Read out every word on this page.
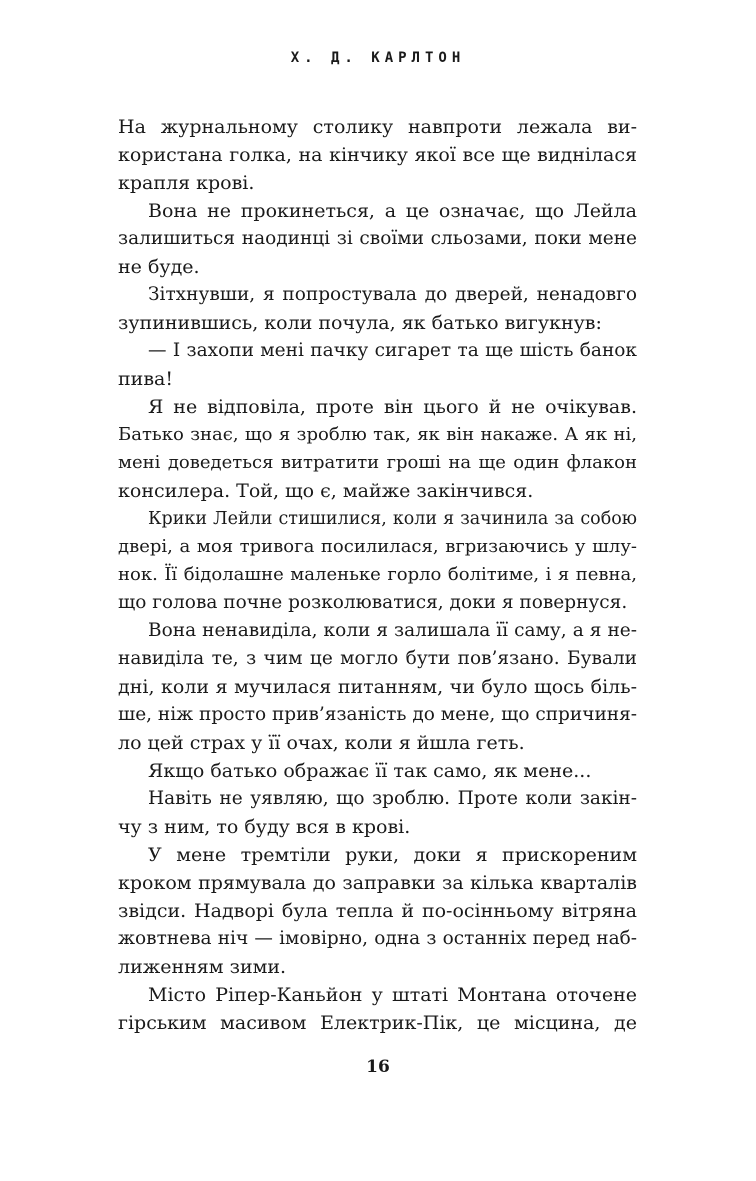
Х. Д. КАРЛТОН
На журнальному столику навпроти лежала ви-
користана голка, на кінчику якої все ще виднілася
крапля крові.
Вона не прокинеться, а це означає, що Лейла
залишиться наодинці зі своїми сльозами, поки мене
не буде.
Зітхнувши, я попростувала до дверей, ненадовго
зупинившись, коли почула, як батько вигукнув:
— І захопи мені пачку сигарет та ще шість банок
пива!
Я не відповіла, проте він цього й не очікував.
Батько знає, що я зроблю так, як він накаже. А як ні,
мені доведеться витратити гроші на ще один флакон
консилера. Той, що є, майже закінчився.
Крики Лейли стишилися, коли я зачинила за собою
двері, а моя тривога посилилася, вгризаючись у шлу-
нок. Її бідолашне маленьке горло болітиме, і я певна,
що голова почне розколюватися, доки я повернуся.
Вона ненавиділа, коли я залишала її саму, а я не-
навиділа те, з чим це могло бути пов’язано. Бували
дні, коли я мучилася питанням, чи було щось біль-
ше, ніж просто прив’язаність до мене, що спричиня-
ло цей страх у її очах, коли я йшла геть.
Якщо батько ображає її так само, як мене...
Навіть не уявляю, що зроблю. Проте коли закін-
чу з ним, то буду вся в крові.
У мене тремтіли руки, доки я прискореним
кроком прямувала до заправки за кілька кварталів
звідси. Надворі була тепла й по-осінньому вітряна
жовтнева ніч — імовірно, одна з останніх перед наб-
лиженням зими.
Місто Ріпер-Каньйон у штаті Монтана оточене
гірським масивом Електрик-Пік, це місцина, де
16
